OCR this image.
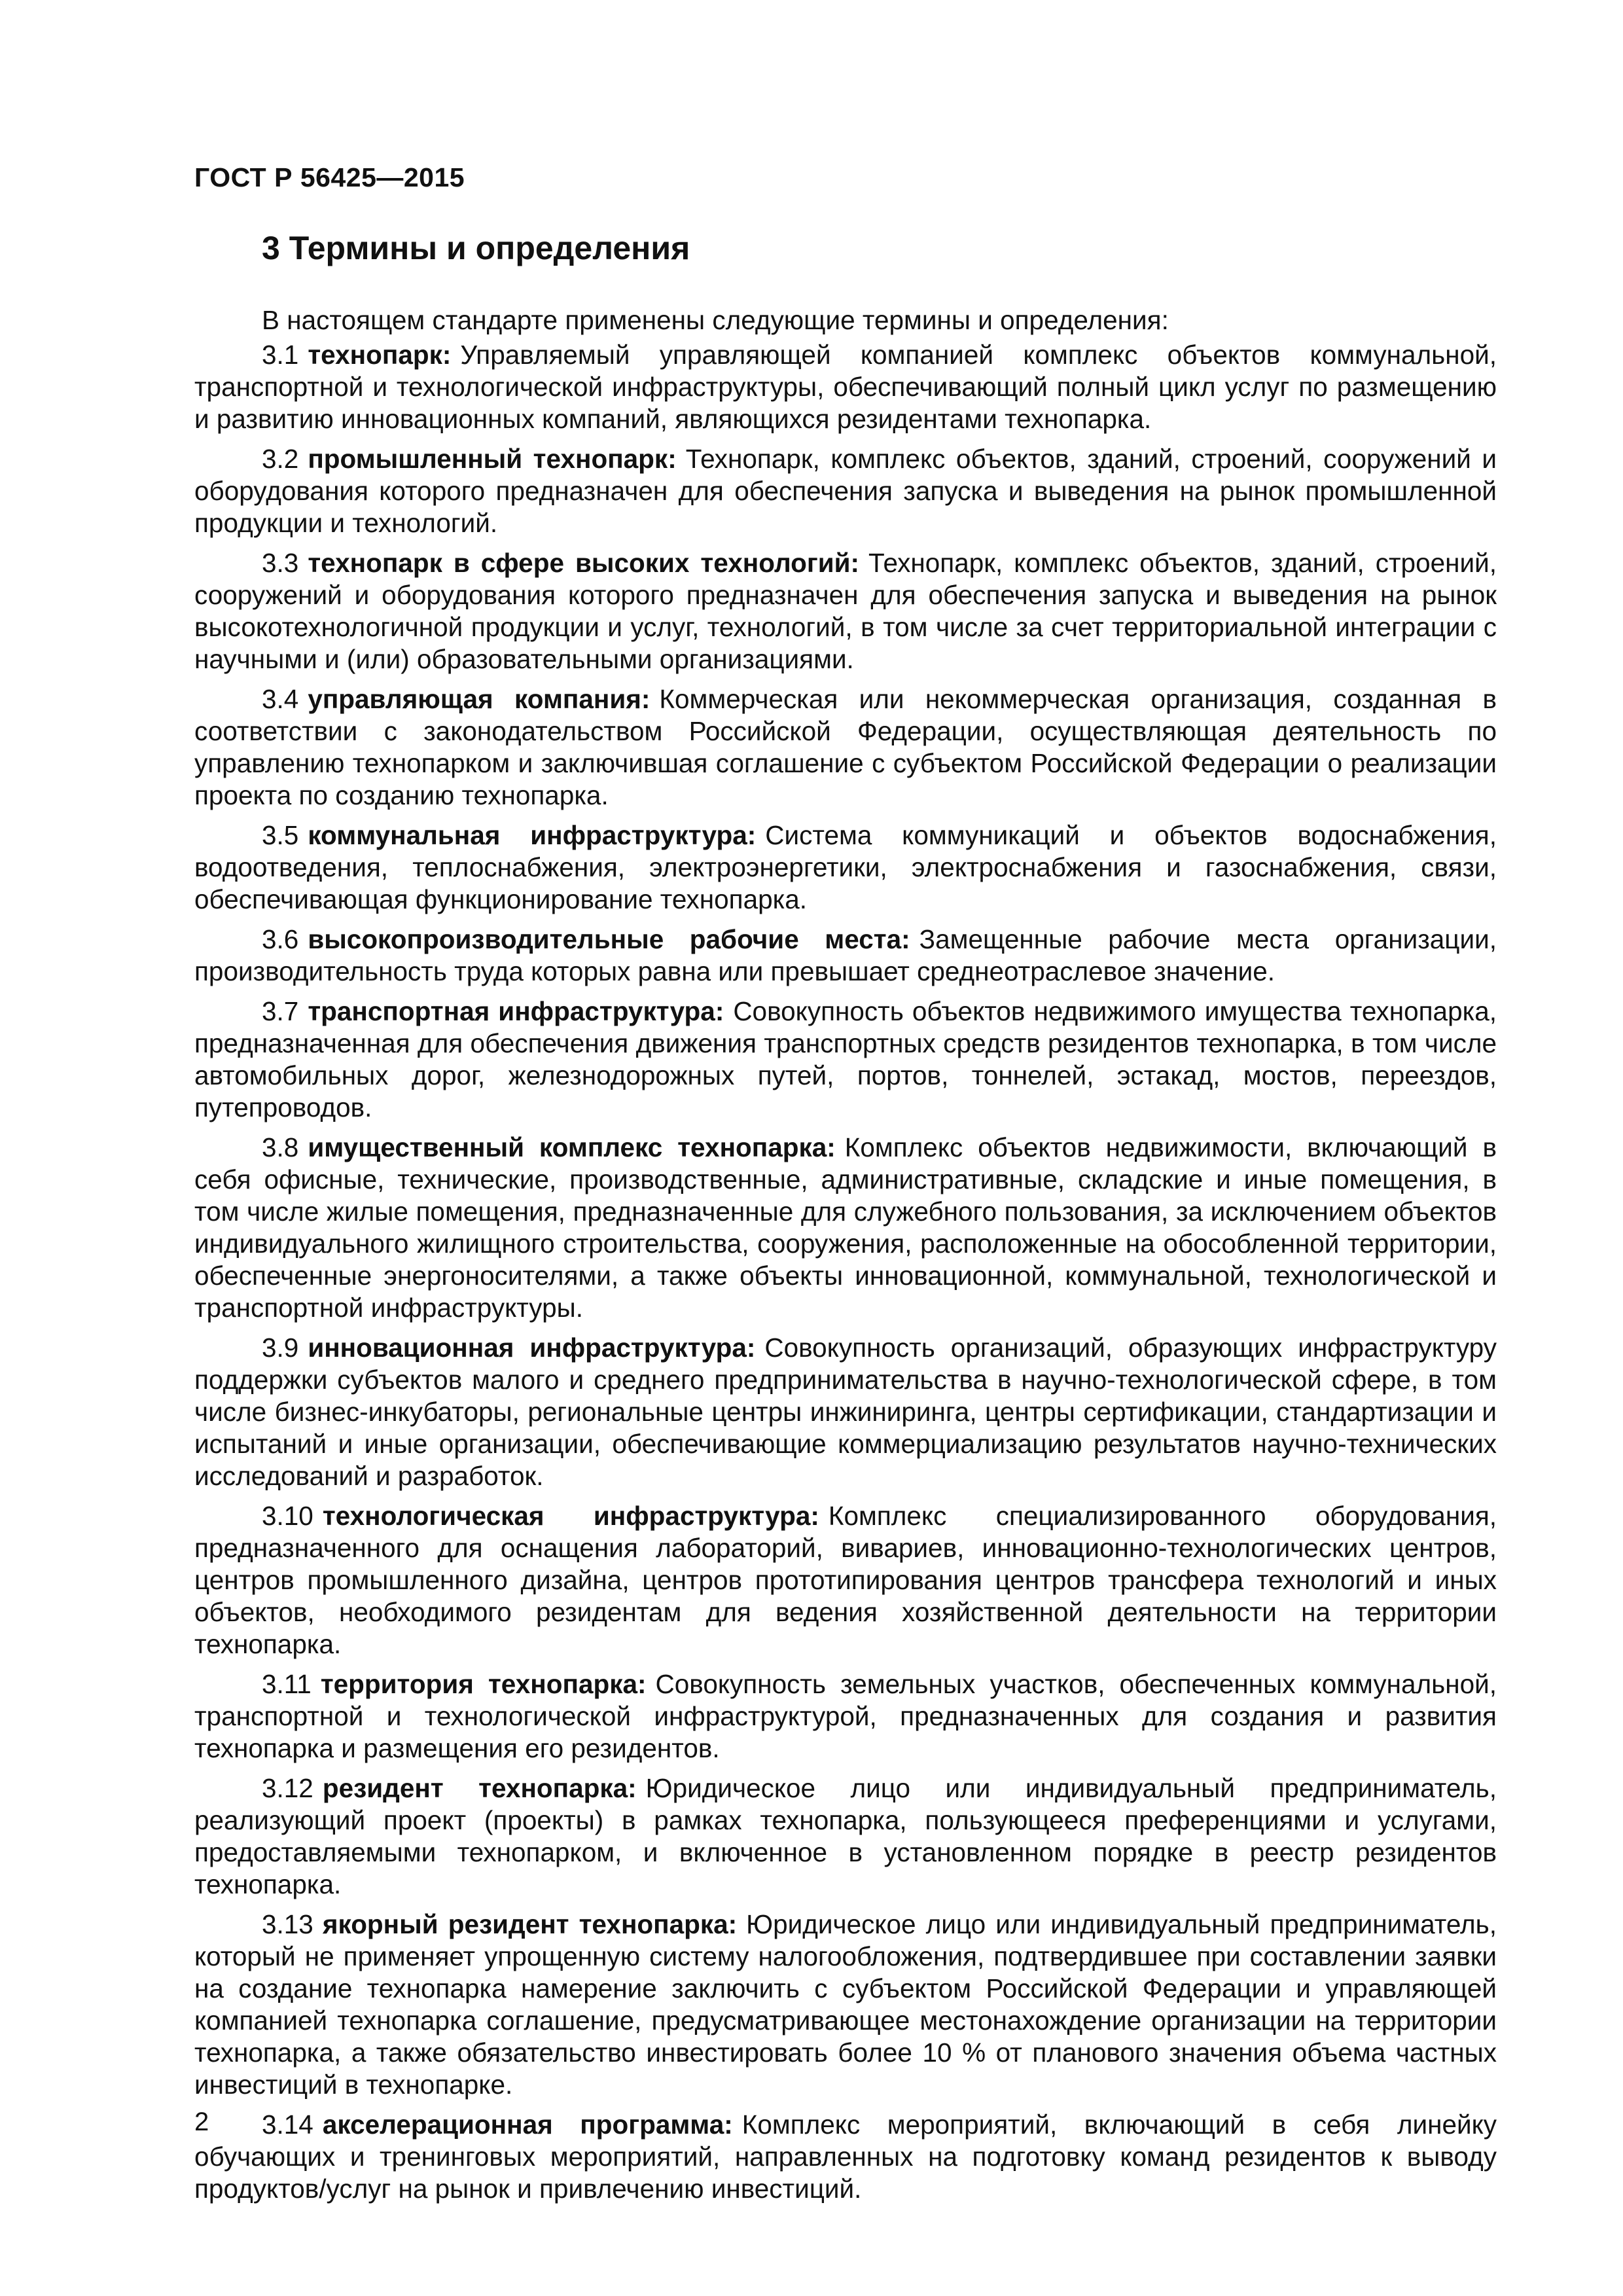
ГОСТ Р 56425—2015
3 Термины и определения

В настоящем стандарте применены следующие термины и определения:

3.1 технопарк: Управляемый управляющей компанией комплекс объектов коммунальной, транспортной и технологической инфраструктуры, обеспечивающий полный цикл услуг по размещению и развитию инновационных компаний, являющихся резидентами технопарка.

3.2 промышленный технопарк: Технопарк, комплекс объектов, зданий, строений, сооружений и оборудования которого предназначен для обеспечения запуска и выведения на рынок промышленной продукции и технологий.

3.3 технопарк в сфере высоких технологий: Технопарк, комплекс объектов, зданий, строений, сооружений и оборудования которого предназначен для обеспечения запуска и выведения на рынок высокотехнологичной продукции и услуг, технологий, в том числе за счет территориальной интеграции с научными и (или) образовательными организациями.

3.4 управляющая компания: Коммерческая или некоммерческая организация, созданная в соответствии с законодательством Российской Федерации, осуществляющая деятельность по управлению технопарком и заключившая соглашение с субъектом Российской Федерации о реализации проекта по созданию технопарка.

3.5 коммунальная инфраструктура: Система коммуникаций и объектов водоснабжения, водоотведения, теплоснабжения, электроэнергетики, электроснабжения и газоснабжения, связи, обеспечивающая функционирование технопарка.

3.6 высокопроизводительные рабочие места: Замещенные рабочие места организации, производительность труда которых равна или превышает среднеотраслевое значение.

3.7 транспортная инфраструктура: Совокупность объектов недвижимого имущества технопарка, предназначенная для обеспечения движения транспортных средств резидентов технопарка, в том числе автомобильных дорог, железнодорожных путей, портов, тоннелей, эстакад, мостов, переездов, путепроводов.

3.8 имущественный комплекс технопарка: Комплекс объектов недвижимости, включающий в себя офисные, технические, производственные, административные, складские и иные помещения, в том числе жилые помещения, предназначенные для служебного пользования, за исключением объектов индивидуального жилищного строительства, сооружения, расположенные на обособленной территории, обеспеченные энергоносителями, а также объекты инновационной, коммунальной, технологической и транспортной инфраструктуры.

3.9 инновационная инфраструктура: Совокупность организаций, образующих инфраструктуру поддержки субъектов малого и среднего предпринимательства в научно-технологической сфере, в том числе бизнес-инкубаторы, региональные центры инжиниринга, центры сертификации, стандартизации и испытаний и иные организации, обеспечивающие коммерциализацию результатов научно-технических исследований и разработок.

3.10 технологическая инфраструктура: Комплекс специализированного оборудования, предназначенного для оснащения лабораторий, вивариев, инновационно-технологических центров, центров промышленного дизайна, центров прототипирования центров трансфера технологий и иных объектов, необходимого резидентам для ведения хозяйственной деятельности на территории технопарка.

3.11 территория технопарка: Совокупность земельных участков, обеспеченных коммунальной, транспортной и технологической инфраструктурой, предназначенных для создания и развития технопарка и размещения его резидентов.

3.12 резидент технопарка: Юридическое лицо или индивидуальный предприниматель, реализующий проект (проекты) в рамках технопарка, пользующееся преференциями и услугами, предоставляемыми технопарком, и включенное в установленном порядке в реестр резидентов технопарка.

3.13 якорный резидент технопарка: Юридическое лицо или индивидуальный предприниматель, который не применяет упрощенную систему налогообложения, подтвердившее при составлении заявки на создание технопарка намерение заключить с субъектом Российской Федерации и управляющей компанией технопарка соглашение, предусматривающее местонахождение организации на территории технопарка, а также обязательство инвестировать более 10 % от планового значения объема частных инвестиций в технопарке.

3.14 акселерационная программа: Комплекс мероприятий, включающий в себя линейку обучающих и тренинговых мероприятий, направленных на подготовку команд резидентов к выводу продуктов/услуг на рынок и привлечению инвестиций.

2
